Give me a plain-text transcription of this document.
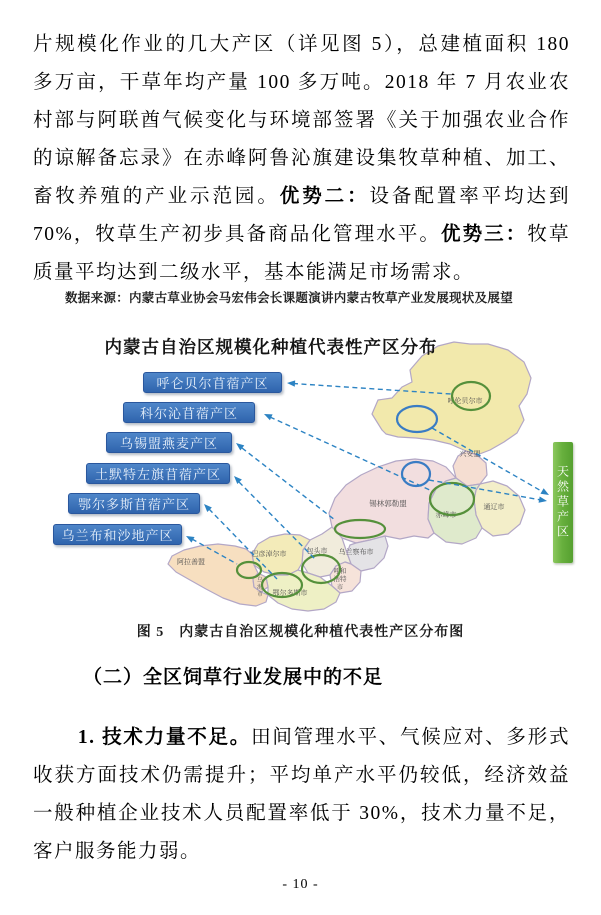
片规模化作业的几大产区（详见图 5），总建植面积 180 多万亩，干草年均产量 100 多万吨。2018 年 7 月农业农村部与阿联酋气候变化与环境部签署《关于加强农业合作的谅解备忘录》在赤峰阿鲁沁旗建设集牧草种植、加工、畜牧养殖的产业示范园。优势二：设备配置率平均达到 70%，牧草生产初步具备商品化管理水平。优势三：牧草质量平均达到二级水平，基本能满足市场需求。

数据来源：内蒙古草业协会马宏伟会长课题演讲内蒙古牧草产业发展现状及展望
呼伦贝尔市
兴安盟
锡林郭勒盟
赤峰市
通辽市
乌兰察布市
包头市
巴彦淖尔市
阿拉善盟
鄂尔多斯市
呼和
浩特
市
乌
海
市
内蒙古自治区规模化种植代表性产区分布
呼仑贝尔苜蓿产区
科尔沁苜蓿产区
乌锡盟燕麦产区
土默特左旗苜蓿产区
鄂尔多斯苜蓿产区
乌兰布和沙地产区	天然草产区
图 5　内蒙古自治区规模化种植代表性产区分布图
（二）全区饲草行业发展中的不足

1. 技术力量不足。田间管理水平、气候应对、多形式收获方面技术仍需提升；平均单产水平仍较低，经济效益一般种植企业技术人员配置率低于 30%，技术力量不足，客户服务能力弱。

- 10 -
